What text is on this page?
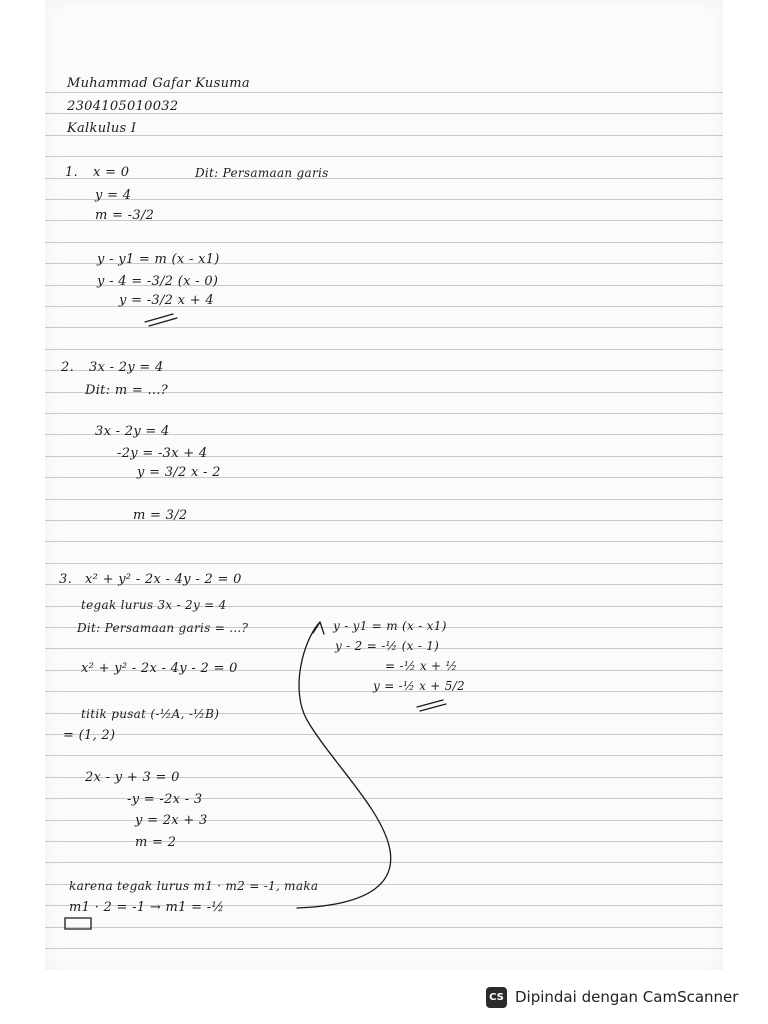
Muhammad Gafar Kusuma
2304105010032
Kalkulus I
1. x = 0	Dit: Persamaan garis
y = 4
m = -3/2
y - y1 = m (x - x1)
y - 4 = -3/2 (x - 0)
y = -3/2 x + 4
2. 3x - 2y = 4
Dit: m = ...?
3x - 2y = 4
-2y = -3x + 4
y = 3/2 x - 2
m = 3/2
3. x² + y² - 2x - 4y - 2 = 0
tegak lurus 3x - 2y = 4
Dit: Persamaan garis = ...?
x² + y² - 2x - 4y - 2 = 0
titik pusat (-½A, -½B)
= (1, 2)
2x - y + 3 = 0
-y = -2x - 3
y = 2x + 3
m = 2
karena tegak lurus m1 · m2 = -1, maka
m1 · 2 = -1 → m1 = -½
y - y1 = m (x - x1)
y - 2 = -½ (x - 1)
= -½ x + ½
y = -½ x + 5/2
CS Dipindai dengan CamScanner
